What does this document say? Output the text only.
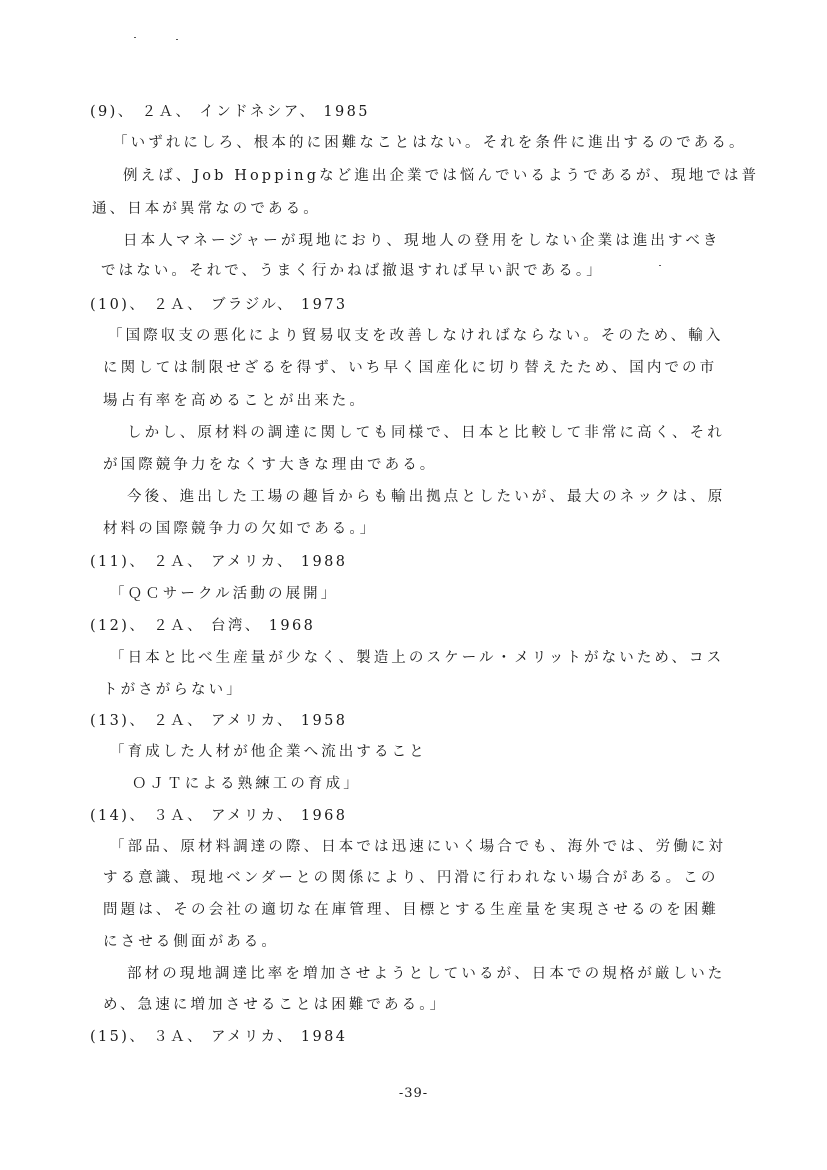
(9)、 ２Ａ、 インドネシア、 1985
「いずれにしろ、根本的に困難なことはない。それを条件に進出するのである。
例えば、Job Hoppingなど進出企業では悩んでいるようであるが、現地では普
通、日本が異常なのである。
日本人マネージャーが現地におり、現地人の登用をしない企業は進出すべき
ではない。それで、うまく行かねば撤退すれば早い訳である。」
(10)、 ２Ａ、 ブラジル、 1973
「国際収支の悪化により貿易収支を改善しなければならない。そのため、輸入
に関しては制限せざるを得ず、いち早く国産化に切り替えたため、国内での市
場占有率を高めることが出来た。
しかし、原材料の調達に関しても同様で、日本と比較して非常に高く、それ
が国際競争力をなくす大きな理由である。
今後、進出した工場の趣旨からも輸出拠点としたいが、最大のネックは、原
材料の国際競争力の欠如である。」
(11)、 ２Ａ、 アメリカ、 1988
「ＱＣサークル活動の展開」
(12)、 ２Ａ、 台湾、 1968
「日本と比べ生産量が少なく、製造上のスケール・メリットがないため、コス
トがさがらない」
(13)、 ２Ａ、 アメリカ、 1958
「育成した人材が他企業へ流出すること
ＯＪＴによる熟練工の育成」
(14)、 ３Ａ、 アメリカ、 1968
「部品、原材料調達の際、日本では迅速にいく場合でも、海外では、労働に対
する意識、現地ベンダーとの関係により、円滑に行われない場合がある。この
問題は、その会社の適切な在庫管理、目標とする生産量を実現させるのを困難
にさせる側面がある。
部材の現地調達比率を増加させようとしているが、日本での規格が厳しいた
め、急速に増加させることは困難である。」
(15)、 ３Ａ、 アメリカ、 1984
-39-
